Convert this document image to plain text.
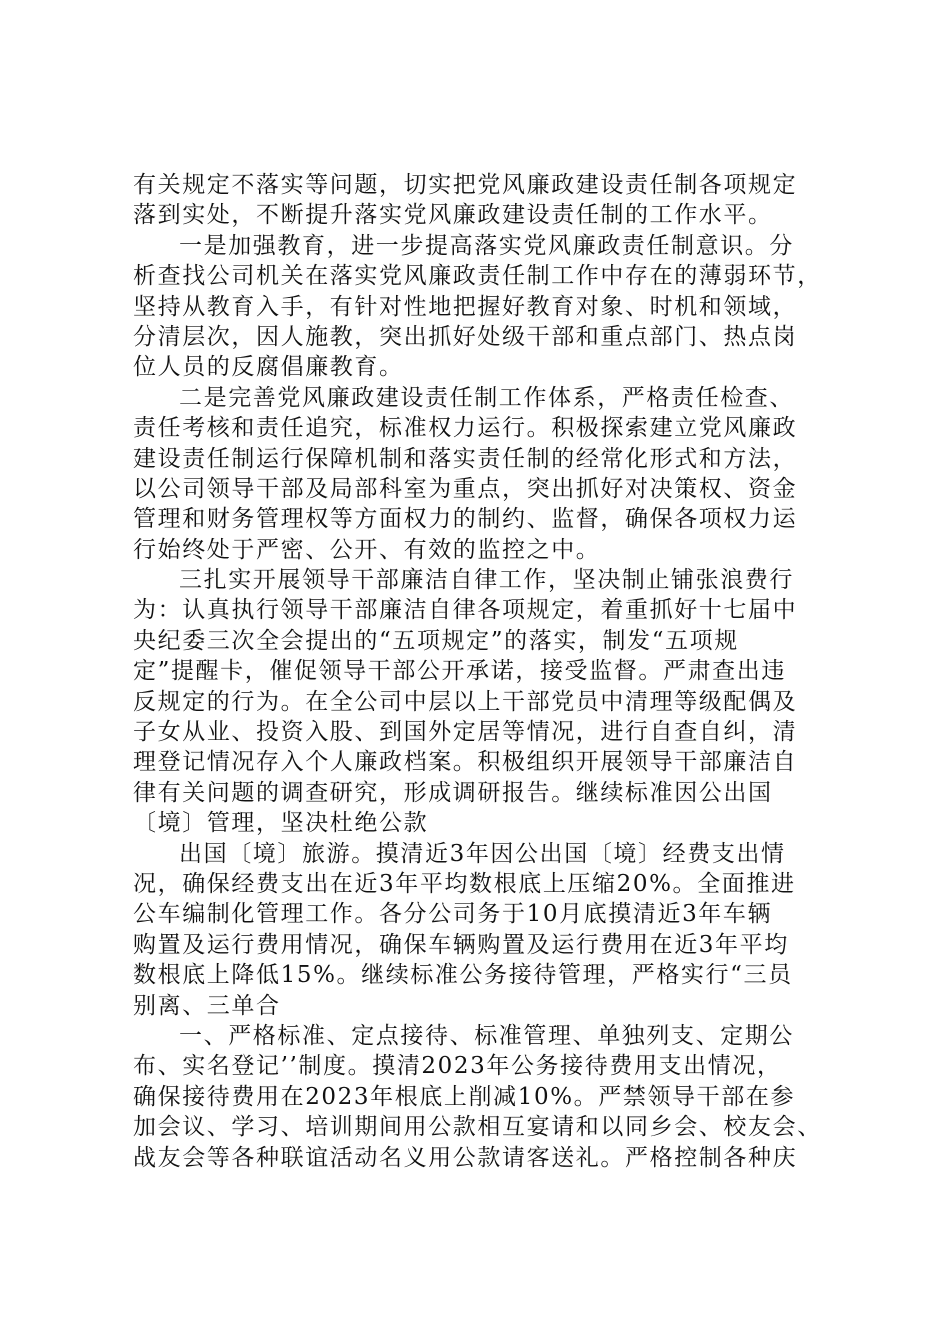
有关规定不落实等问题，切实把党风廉政建设责任制各项规定
落到实处，不断提升落实党风廉政建设责任制的工作水平。
一是加强教育，进一步提高落实党风廉政责任制意识。分
析查找公司机关在落实党风廉政责任制工作中存在的薄弱环节，
坚持从教育入手，有针对性地把握好教育对象、时机和领域，
分清层次，因人施教，突出抓好处级干部和重点部门、热点岗
位人员的反腐倡廉教育。
二是完善党风廉政建设责任制工作体系，严格责任检查、
责任考核和责任追究，标准权力运行。积极探索建立党风廉政
建设责任制运行保障机制和落实责任制的经常化形式和方法，
以公司领导干部及局部科室为重点，突出抓好对决策权、资金
管理和财务管理权等方面权力的制约、监督，确保各项权力运
行始终处于严密、公开、有效的监控之中。
三扎实开展领导干部廉洁自律工作，坚决制止铺张浪费行
为：认真执行领导干部廉洁自律各项规定，着重抓好十七届中
央纪委三次全会提出的“五项规定”的落实，制发“五项规
定”提醒卡，催促领导干部公开承诺，接受监督。严肃查出违
反规定的行为。在全公司中层以上干部党员中清理等级配偶及
子女从业、投资入股、到国外定居等情况，进行自查自纠，清
理登记情况存入个人廉政档案。积极组织开展领导干部廉洁自
律有关问题的调查研究，形成调研报告。继续标准因公出国
〔境〕管理，坚决杜绝公款
出国〔境〕旅游。摸清近3年因公出国〔境〕经费支出情
况，确保经费支出在近3年平均数根底上压缩20%。全面推进
公车编制化管理工作。各分公司务于10月底摸清近3年车辆
购置及运行费用情况，确保车辆购置及运行费用在近3年平均
数根底上降低15%。继续标准公务接待管理，严格实行“三员
别离、三单合
一、严格标准、定点接待、标准管理、单独列支、定期公
布、实名登记’’制度。摸清2023年公务接待费用支出情况，
确保接待费用在2023年根底上削减10%。严禁领导干部在参
加会议、学习、培训期间用公款相互宴请和以同乡会、校友会、
战友会等各种联谊活动名义用公款请客送礼。严格控制各种庆
